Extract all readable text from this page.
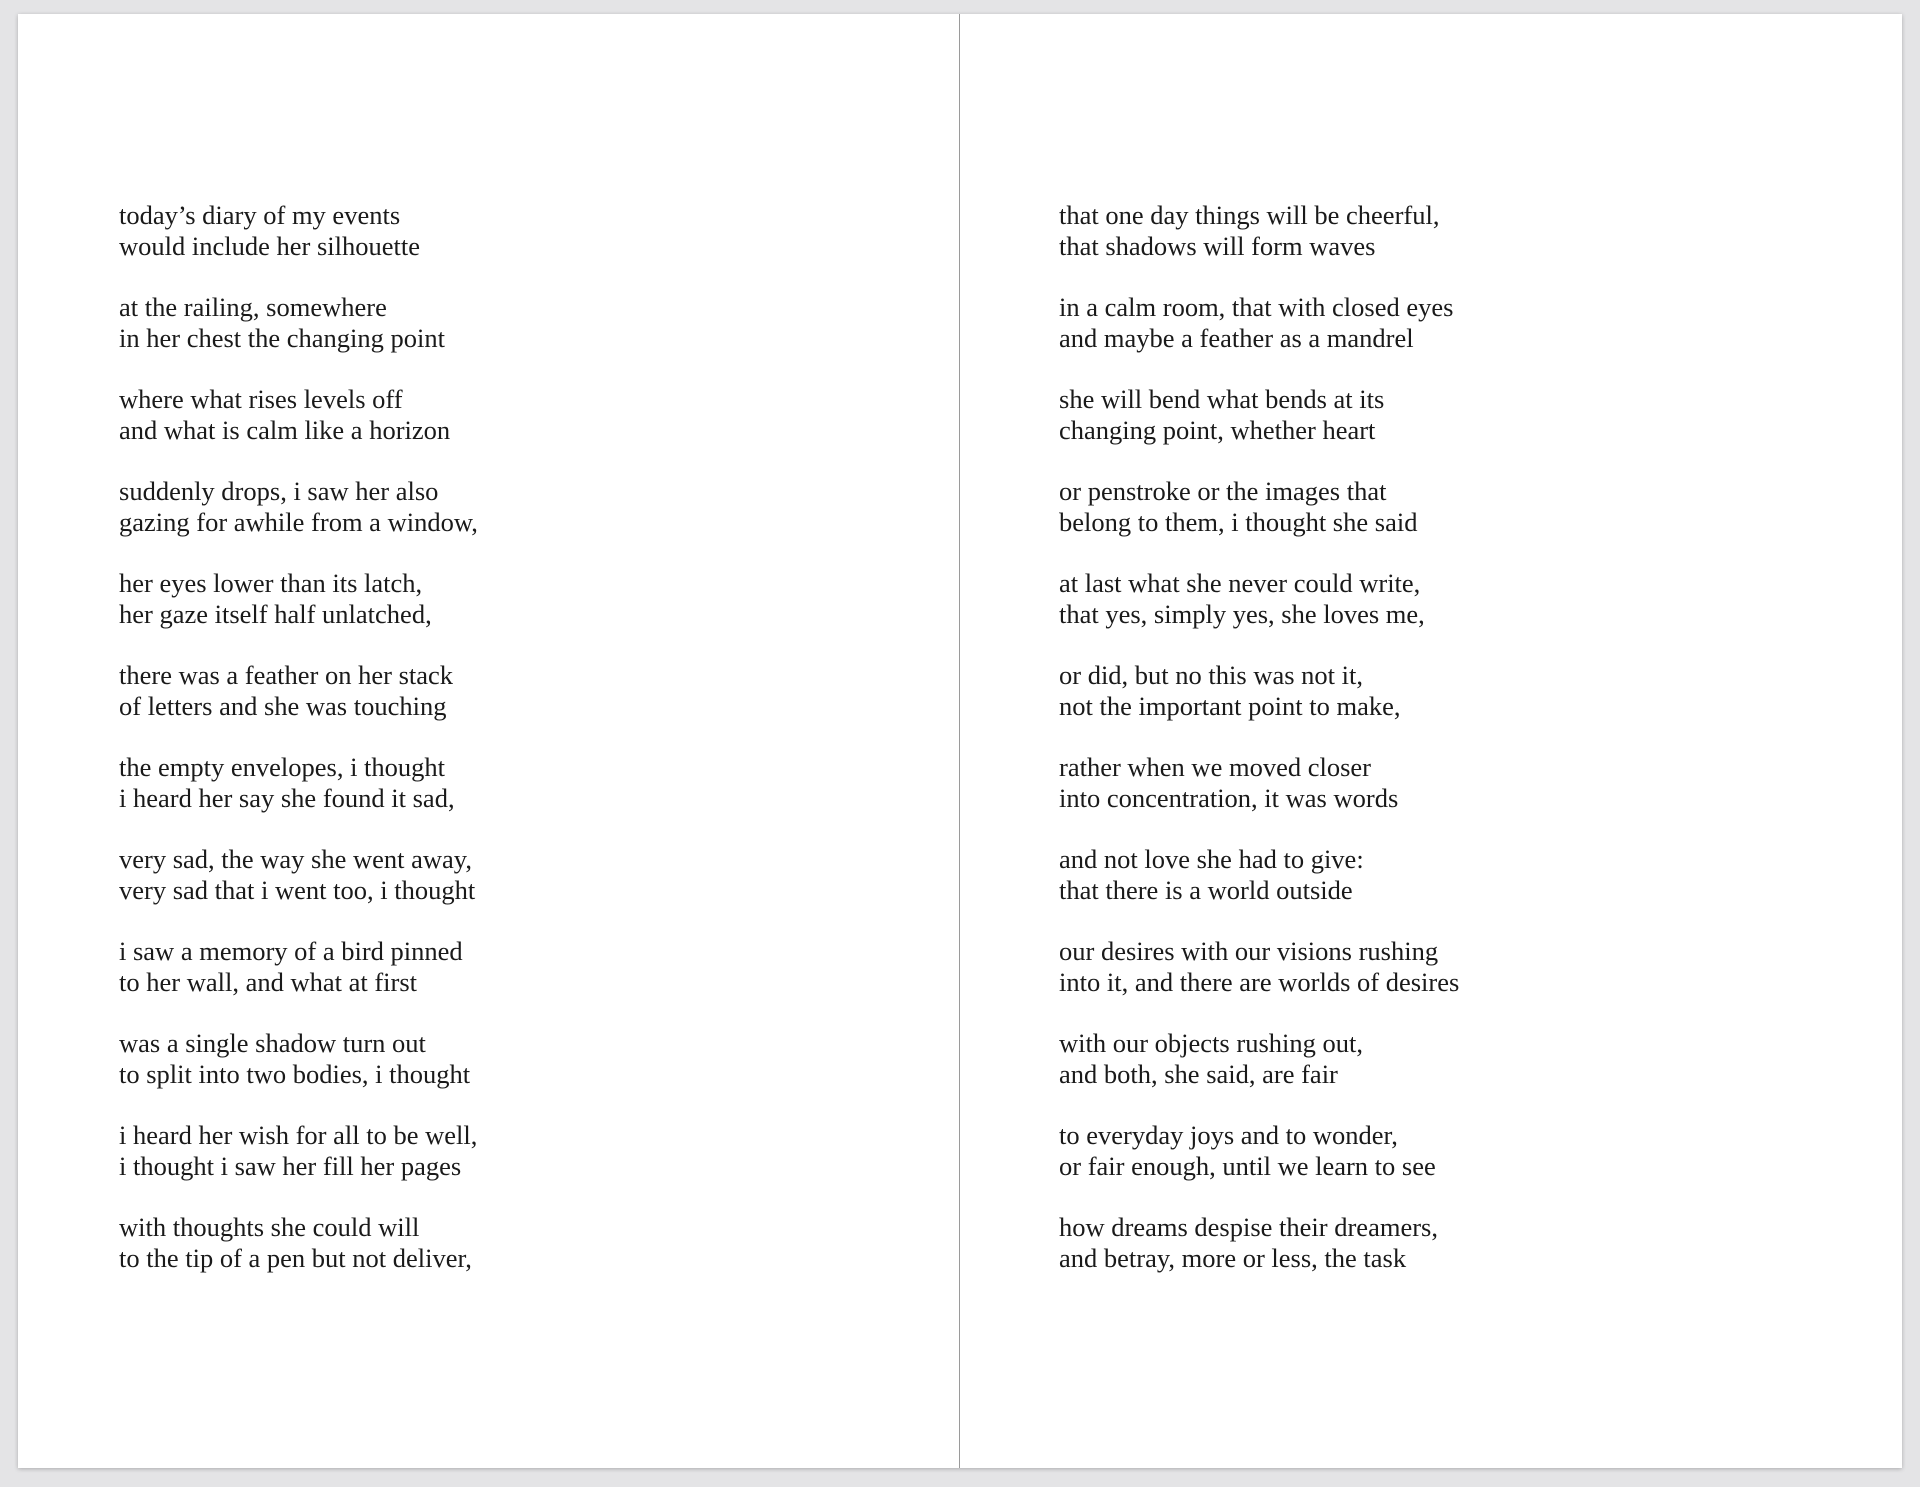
today’s diary of my events
would include her silhouette
at the railing, somewhere
in her chest the changing point
where what rises levels off
and what is calm like a horizon
suddenly drops, i saw her also
gazing for awhile from a window,
her eyes lower than its latch,
her gaze itself half unlatched,
there was a feather on her stack
of letters and she was touching
the empty envelopes, i thought
i heard her say she found it sad,
very sad, the way she went away,
very sad that i went too, i thought
i saw a memory of a bird pinned
to her wall, and what at first
was a single shadow turn out
to split into two bodies, i thought
i heard her wish for all to be well,
i thought i saw her fill her pages
with thoughts she could will
to the tip of a pen but not deliver,
that one day things will be cheerful,
that shadows will form waves
in a calm room, that with closed eyes
and maybe a feather as a mandrel
she will bend what bends at its
changing point, whether heart
or penstroke or the images that
belong to them, i thought she said
at last what she never could write,
that yes, simply yes, she loves me,
or did, but no this was not it,
not the important point to make,
rather when we moved closer
into concentration, it was words
and not love she had to give:
that there is a world outside
our desires with our visions rushing
into it, and there are worlds of desires
with our objects rushing out,
and both, she said, are fair
to everyday joys and to wonder,
or fair enough, until we learn to see
how dreams despise their dreamers,
and betray, more or less, the task
